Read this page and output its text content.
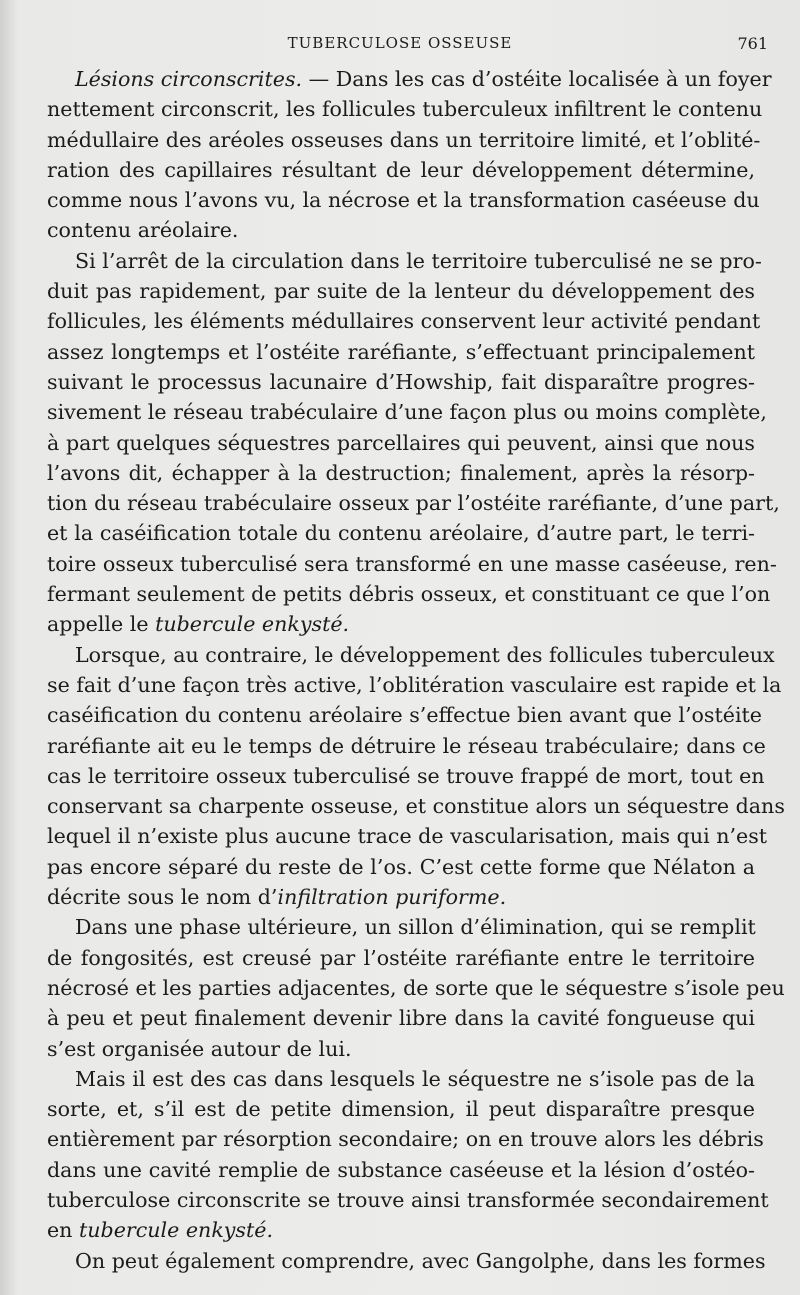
TUBERCULOSE OSSEUSE	761
Lésions circonscrites. — Dans les cas d’ostéite localisée à un foyer
nettement circonscrit, les follicules tuberculeux infiltrent le contenu
médullaire des aréoles osseuses dans un territoire limité, et l’oblité-
ration des capillaires résultant de leur développement détermine,
comme nous l’avons vu, la nécrose et la transformation caséeuse du
contenu aréolaire.
Si l’arrêt de la circulation dans le territoire tuberculisé ne se pro-
duit pas rapidement, par suite de la lenteur du développement des
follicules, les éléments médullaires conservent leur activité pendant
assez longtemps et l’ostéite raréfiante, s’effectuant principalement
suivant le processus lacunaire d’Howship, fait disparaître progres-
sivement le réseau trabéculaire d’une façon plus ou moins complète,
à part quelques séquestres parcellaires qui peuvent, ainsi que nous
l’avons dit, échapper à la destruction; finalement, après la résorp-
tion du réseau trabéculaire osseux par l’ostéite raréfiante, d’une part,
et la caséification totale du contenu aréolaire, d’autre part, le terri-
toire osseux tuberculisé sera transformé en une masse caséeuse, ren-
fermant seulement de petits débris osseux, et constituant ce que l’on
appelle le tubercule enkysté.
Lorsque, au contraire, le développement des follicules tuberculeux
se fait d’une façon très active, l’oblitération vasculaire est rapide et la
caséification du contenu aréolaire s’effectue bien avant que l’ostéite
raréfiante ait eu le temps de détruire le réseau trabéculaire; dans ce
cas le territoire osseux tuberculisé se trouve frappé de mort, tout en
conservant sa charpente osseuse, et constitue alors un séquestre dans
lequel il n’existe plus aucune trace de vascularisation, mais qui n’est
pas encore séparé du reste de l’os. C’est cette forme que Nélaton a
décrite sous le nom d’infiltration puriforme.
Dans une phase ultérieure, un sillon d’élimination, qui se remplit
de fongosités, est creusé par l’ostéite raréfiante entre le territoire
nécrosé et les parties adjacentes, de sorte que le séquestre s’isole peu
à peu et peut finalement devenir libre dans la cavité fongueuse qui
s’est organisée autour de lui.
Mais il est des cas dans lesquels le séquestre ne s’isole pas de la
sorte, et, s’il est de petite dimension, il peut disparaître presque
entièrement par résorption secondaire; on en trouve alors les débris
dans une cavité remplie de substance caséeuse et la lésion d’ostéo-
tuberculose circonscrite se trouve ainsi transformée secondairement
en tubercule enkysté.
On peut également comprendre, avec Gangolphe, dans les formes
